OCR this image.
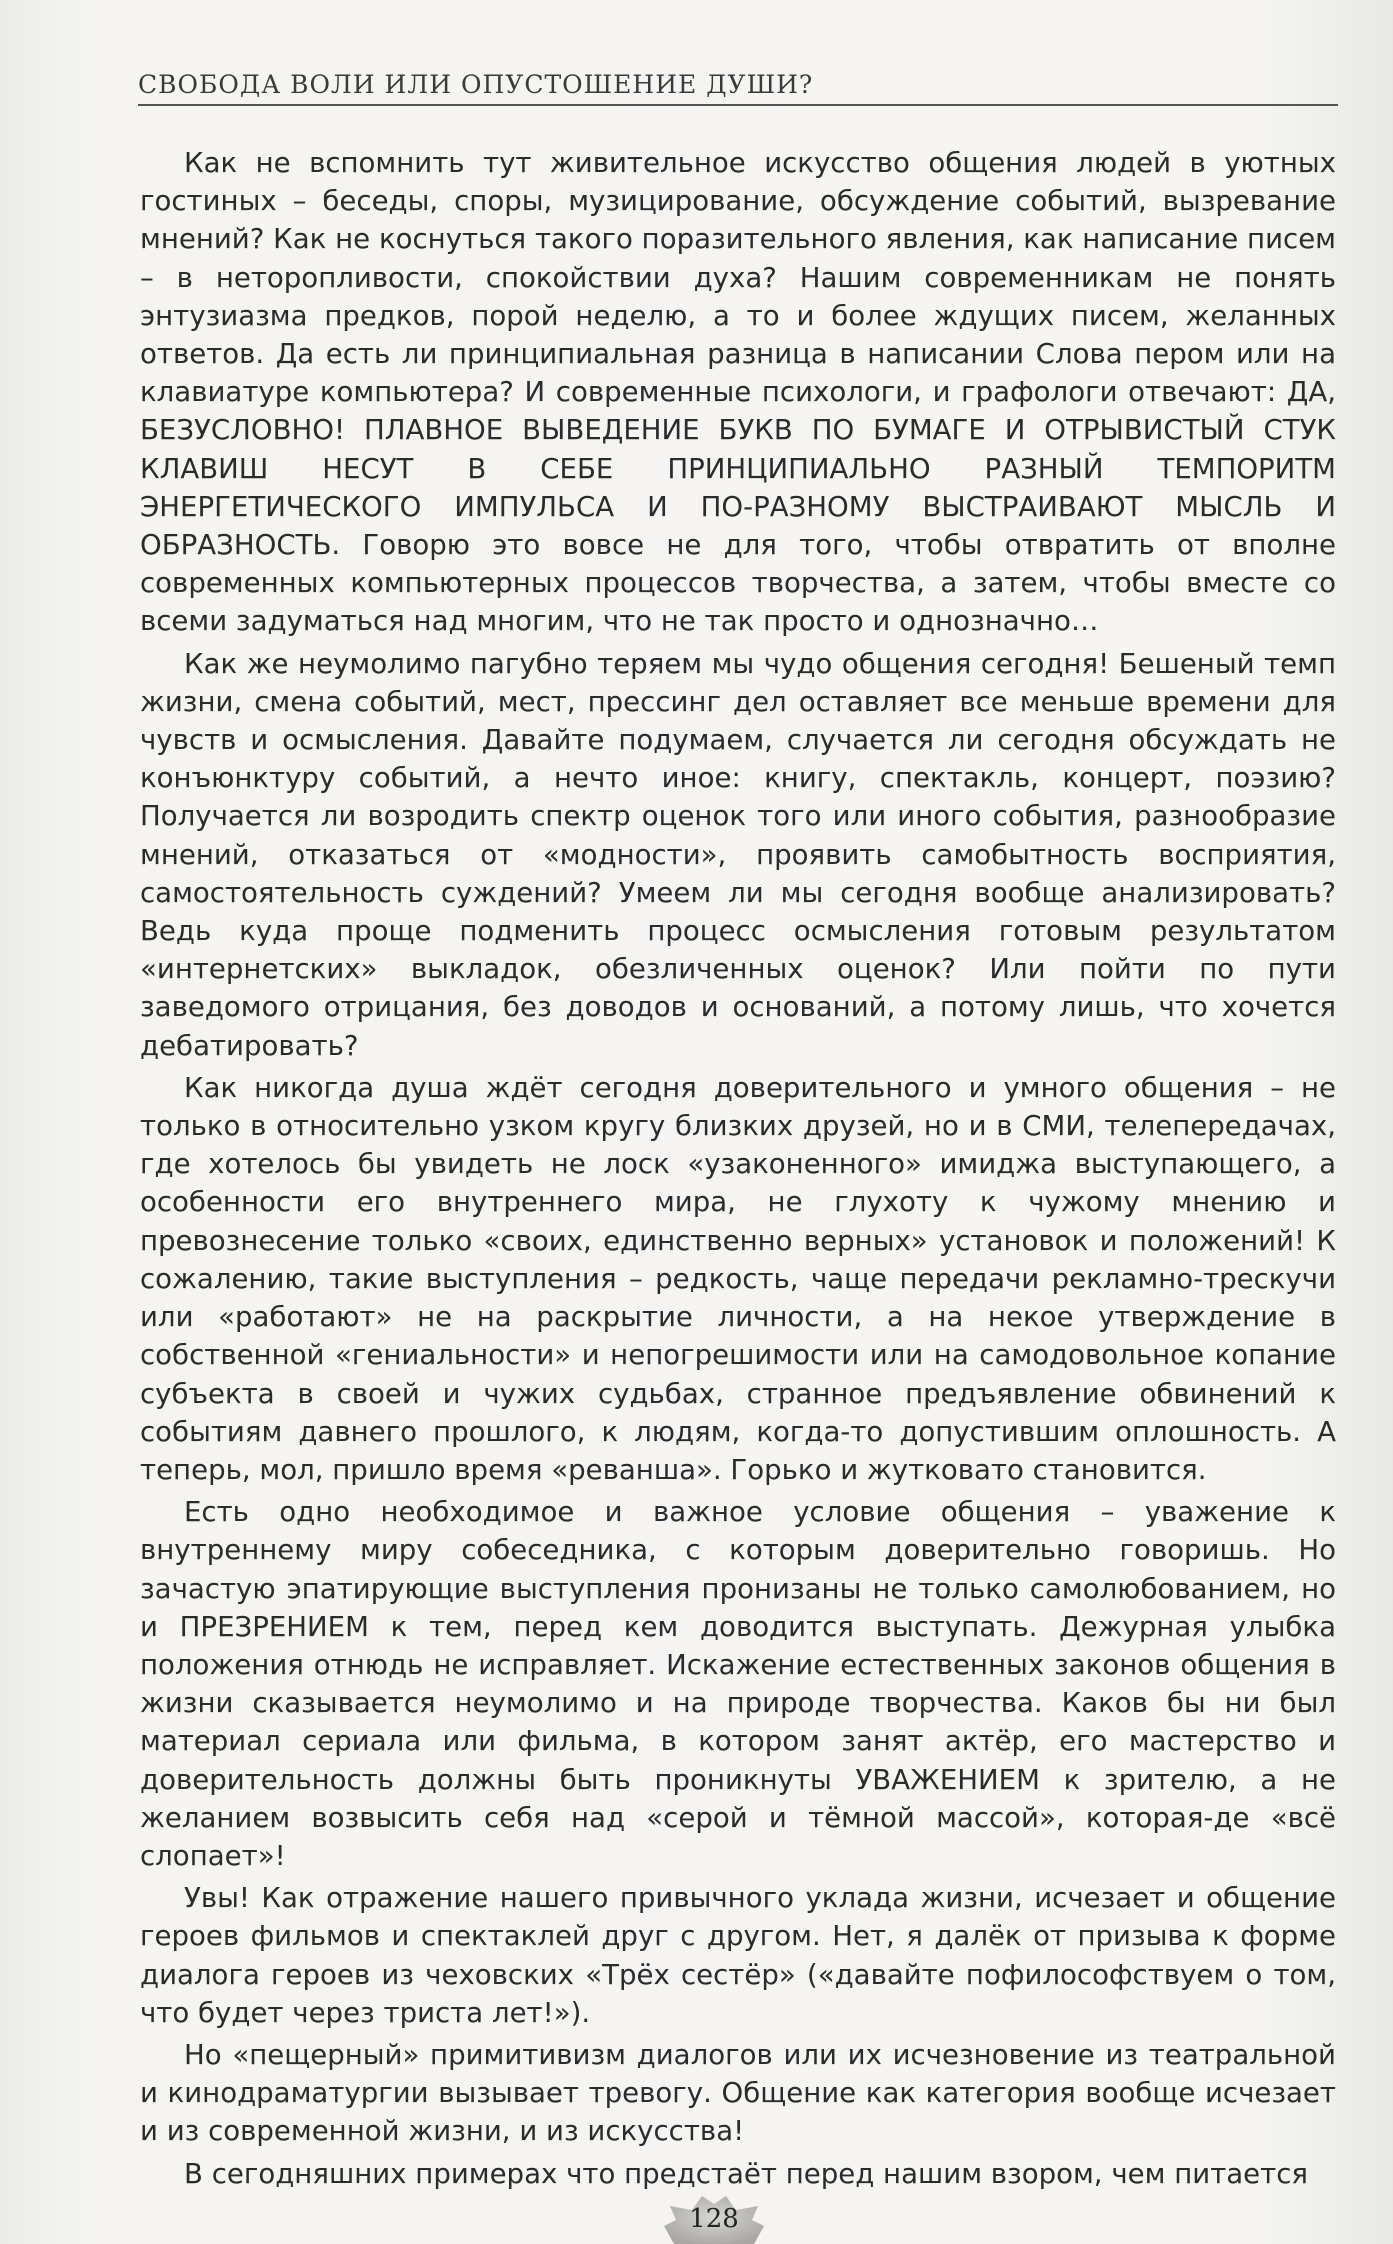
СВОБОДА ВОЛИ ИЛИ ОПУСТОШЕНИЕ ДУШИ?

Как не вспомнить тут живительное искусство общения людей в уютных гостиных – беседы, споры, музицирование, обсуждение событий, вызревание мнений? Как не коснуться такого поразительного явления, как написание писем – в неторопливости, спокойствии духа? Нашим современникам не понять энтузиазма предков, порой неделю, а то и более ждущих писем, желанных ответов. Да есть ли принципиальная разница в написании Слова пером или на клавиатуре компьютера? И современные психологи, и графологи отвечают: ДА, БЕЗУСЛОВНО! ПЛАВНОЕ ВЫВЕДЕНИЕ БУКВ ПО БУМАГЕ И ОТРЫВИСТЫЙ СТУК КЛАВИШ НЕСУТ В СЕБЕ ПРИНЦИПИАЛЬНО РАЗНЫЙ ТЕМПОРИТМ ЭНЕРГЕТИЧЕСКОГО ИМПУЛЬСА И ПО-РАЗНОМУ ВЫСТРАИВАЮТ МЫСЛЬ И ОБРАЗНОСТЬ. Говорю это вовсе не для того, чтобы отвратить от вполне современных компьютерных процессов творчества, а затем, чтобы вместе со всеми задуматься над многим, что не так просто и однозначно…

Как же неумолимо пагубно теряем мы чудо общения сегодня! Бешеный темп жизни, смена событий, мест, прессинг дел оставляет все меньше времени для чувств и осмысления. Давайте подумаем, случается ли сегодня обсуждать не конъюнктуру событий, а нечто иное: книгу, спектакль, концерт, поэзию? Получается ли возродить спектр оценок того или иного события, разнообразие мнений, отказаться от «модности», проявить самобытность восприятия, самостоятельность суждений? Умеем ли мы сегодня вообще анализировать? Ведь куда проще подменить процесс осмысления готовым результатом «интернетских» выкладок, обезличенных оценок? Или пойти по пути заведомого отрицания, без доводов и оснований, а потому лишь, что хочется дебатировать?

Как никогда душа ждёт сегодня доверительного и умного общения – не только в относительно узком кругу близких друзей, но и в СМИ, телепередачах, где хотелось бы увидеть не лоск «узаконенного» имиджа выступающего, а особенности его внутреннего мира, не глухоту к чужому мнению и превознесение только «своих, единственно верных» установок и положений! К сожалению, такие выступления – редкость, чаще передачи рекламно-трескучи или «работают» не на раскрытие личности, а на некое утверждение в собственной «гениальности» и непогрешимости или на самодовольное копание субъекта в своей и чужих судьбах, странное предъявление обвинений к событиям давнего прошлого, к людям, когда-то допустившим оплошность. А теперь, мол, пришло время «реванша». Горько и жутковато становится.

Есть одно необходимое и важное условие общения – уважение к внутреннему миру собеседника, с которым доверительно говоришь. Но зачастую эпатирующие выступления пронизаны не только самолюбованием, но и ПРЕЗРЕНИЕМ к тем, перед кем доводится выступать. Дежурная улыбка положения отнюдь не исправляет. Искажение естественных законов общения в жизни сказывается неумолимо и на природе творчества. Каков бы ни был материал сериала или фильма, в котором занят актёр, его мастерство и доверительность должны быть проникнуты УВАЖЕНИЕМ к зрителю, а не желанием возвысить себя над «серой и тёмной массой», которая-де «всё слопает»!

Увы! Как отражение нашего привычного уклада жизни, исчезает и общение героев фильмов и спектаклей друг с другом. Нет, я далёк от призыва к форме диалога героев из чеховских «Трёх сестёр» («давайте пофилософствуем о том, что будет через триста лет!»).

Но «пещерный» примитивизм диалогов или их исчезновение из театральной и кинодраматургии вызывает тревогу. Общение как категория вообще исчезает и из современной жизни, и из искусства!

В сегодняшних примерах что предстаёт перед нашим взором, чем питается

128
